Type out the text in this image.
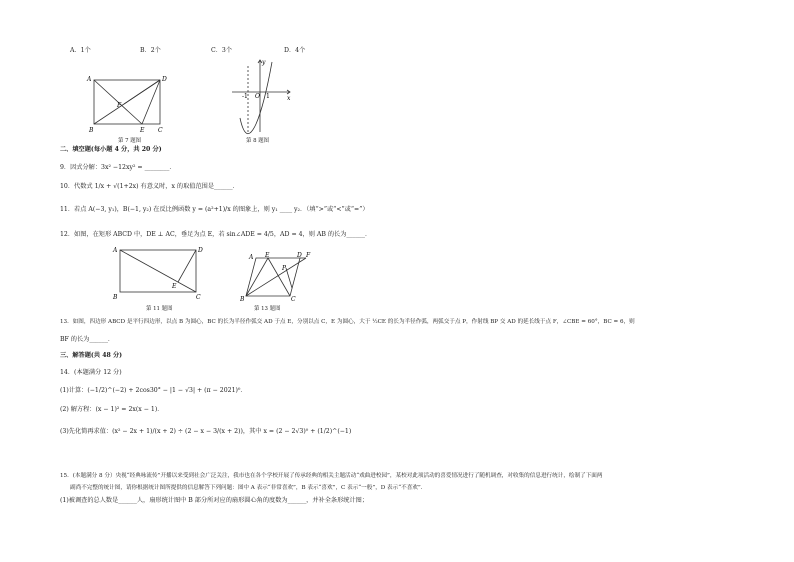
A．1个	B．2个	C．3个	D．4个
A	D
B	C
E
F
第 7 题图
y
x
O
-1	1
第 8 题图
二、填空题(每小题 4 分，共 20 分)
9．因式分解：3x² −12xy² = ________．
10．代数式 1/x + √(1+2x) 有意义时，x 的取值范围是______．
11．若点 A(−3, y₁)，B(−1, y₂) 在反比例函数 y = (a²+1)/x 的图象上，则 y₁ ____ y₂．（填“>”或“<”或“=”）
12．如图，在矩形 ABCD 中，DE ⊥ AC，垂足为点 E，若 sin∠ADE = 4/5，AD = 4，则 AB 的长为______．
A	D
B	C
E
第 11 题图
A E	D F
P
B	C
第 13 题图
13．如图，四边形 ABCD 是平行四边形，以点 B 为圆心，BC 的长为半径作弧交 AD 于点 E，分别以点 C，E 为圆心，大于 ½CE 的长为半径作弧，两弧交于点 P，作射线 BP 交 AD 的延长线于点 F，∠CBE = 60°，BC = 6，则
BF 的长为______．
三、解答题(共 48 分)
14．(本题满分 12 分)
(1)计算：(−1/2)^(−2) + 2cos30° − |1 − √3| + (π − 2021)⁰．
(2) 解方程：(x − 1)² = 2x(x − 1)．
(3)先化简再求值：(x² − 2x + 1)/(x + 2) ÷ (2 − x − 3/(x + 2))，其中 x = (2 − 2√3)⁰ + (1/2)^(−1)
15．(本题满分 8 分）央视“经典咏流传”开播以来受到社会广泛关注，我市也在各个学校开展了传承经典的相关主题活动“戏曲进校园”，某校对此项活动的喜爱情况进行了随机调查，对收集的信息进行统计，绘制了下面两
副尚不完整的统计图，请你根据统计图所提供的信息解答下列问题：图中 A 表示“非常喜欢”，B 表示“喜欢”，C 表示“一般”，D 表示“不喜欢”．
(1)被调查的总人数是______人，扇形统计图中 B 部分所对应的扇形圆心角的度数为______，并补全条形统计图；
